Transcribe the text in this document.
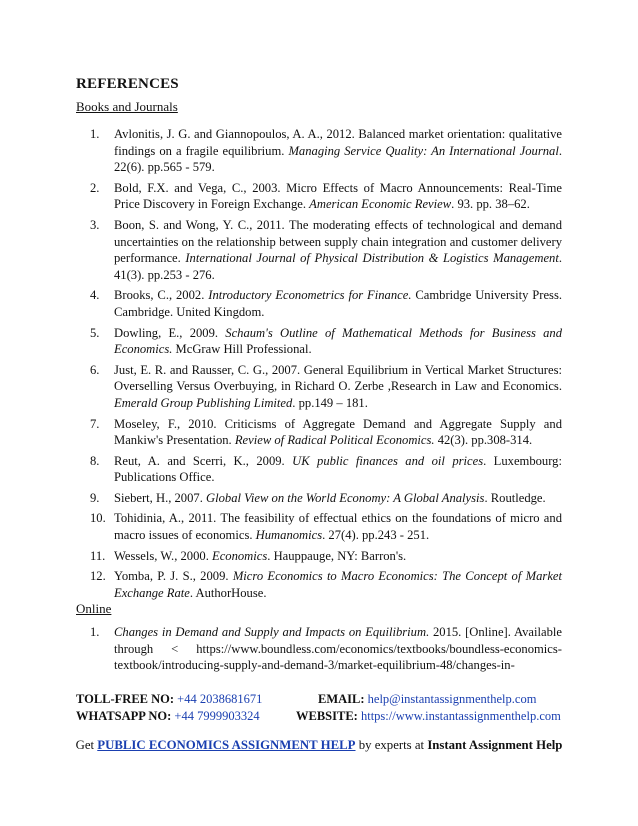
REFERENCES
Books and Journals
1.	Avlonitis, J. G. and Giannopoulos, A. A., 2012. Balanced market orientation: qualitative findings on a fragile equilibrium. Managing Service Quality: An International Journal. 22(6). pp.565 - 579.
2.	Bold, F.X. and Vega, C., 2003. Micro Effects of Macro Announcements: Real-Time Price Discovery in Foreign Exchange. American Economic Review. 93. pp. 38–62.
3.	Boon, S. and Wong, Y. C., 2011. The moderating effects of technological and demand uncertainties on the relationship between supply chain integration and customer delivery performance. International Journal of Physical Distribution & Logistics Management. 41(3). pp.253 - 276.
4.	Brooks, C., 2002. Introductory Econometrics for Finance. Cambridge University Press. Cambridge. United Kingdom.
5.	Dowling, E., 2009. Schaum's Outline of Mathematical Methods for Business and Economics. McGraw Hill Professional.
6.	Just, E. R. and Rausser, C. G., 2007. General Equilibrium in Vertical Market Structures: Overselling Versus Overbuying, in Richard O. Zerbe ,Research in Law and Economics. Emerald Group Publishing Limited. pp.149 – 181.
7.	Moseley, F., 2010. Criticisms of Aggregate Demand and Aggregate Supply and Mankiw's Presentation. Review of Radical Political Economics. 42(3). pp.308-314.
8.	Reut, A. and Scerri, K., 2009. UK public finances and oil prices. Luxembourg: Publications Office.
9.	Siebert, H., 2007. Global View on the World Economy: A Global Analysis. Routledge.
10. Tohidinia, A., 2011. The feasibility of effectual ethics on the foundations of micro and macro issues of economics. Humanomics. 27(4). pp.243 - 251.
11. Wessels, W., 2000. Economics. Hauppauge, NY: Barron's.
12. Yomba, P. J. S., 2009. Micro Economics to Macro Economics: The Concept of Market Exchange Rate. AuthorHouse.
Online
1.	Changes in Demand and Supply and Impacts on Equilibrium. 2015. [Online]. Available through < https://www.boundless.com/economics/textbooks/boundless-economics-textbook/introducing-supply-and-demand-3/market-equilibrium-48/changes-in-
TOLL-FREE NO: +44 2038681671	EMAIL: help@instantassignmenthelp.com
WHATSAPP NO: +44 7999903324	WEBSITE: https://www.instantassignmenthelp.com
Get PUBLIC ECONOMICS ASSIGNMENT HELP by experts at Instant Assignment Help
